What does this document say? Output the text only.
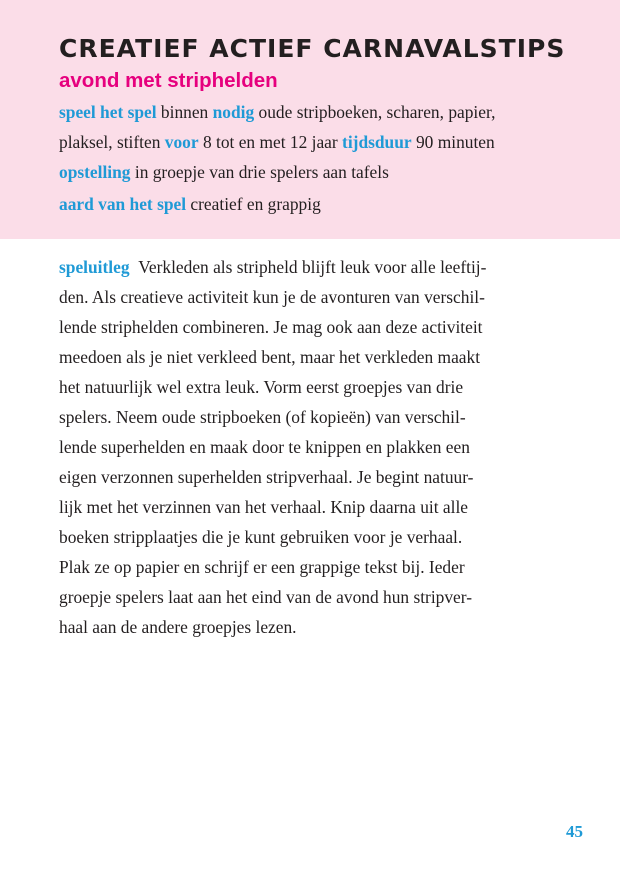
CREATIEF ACTIEF CARNAVALSTIPS
avond met striphelden
speel het spel binnen nodig oude stripboeken, scharen, papier,
plaksel, stiften voor 8 tot en met 12 jaar tijdsduur 90 minuten
opstelling in groepje van drie spelers aan tafels
aard van het spel creatief en grappig
speluitleg Verkleden als stripheld blijft leuk voor alle leeftij-
den. Als creatieve activiteit kun je de avonturen van verschil-
lende striphelden combineren. Je mag ook aan deze activiteit
meedoen als je niet verkleed bent, maar het verkleden maakt
het natuurlijk wel extra leuk. Vorm eerst groepjes van drie
spelers. Neem oude stripboeken (of kopieën) van verschil-
lende superhelden en maak door te knippen en plakken een
eigen verzonnen superhelden stripverhaal. Je begint natuur-
lijk met het verzinnen van het verhaal. Knip daarna uit alle
boeken stripplaatjes die je kunt gebruiken voor je verhaal.
Plak ze op papier en schrijf er een grappige tekst bij. Ieder
groepje spelers laat aan het eind van de avond hun stripver-
haal aan de andere groepjes lezen.
45
